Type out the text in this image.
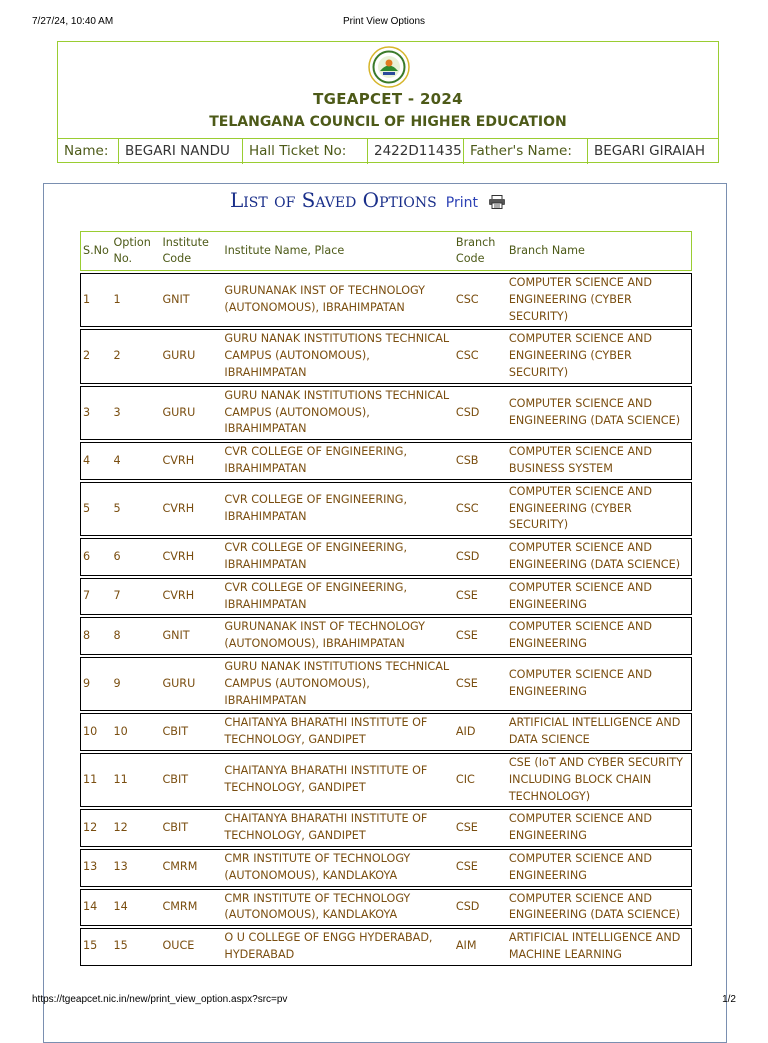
7/27/24, 10:40 AM	Print View Options
TGEAPCET - 2024
TELANGANA COUNCIL OF HIGHER EDUCATION
Name:	BEGARI NANDU	Hall Ticket No:	2422D11435 Father's Name:	BEGARI GIRAIAH
List of Saved Options Print
S.No	Option No.	Institute Code	Institute Name, Place	Branch Code	Branch Name

1	1	GNIT	GURUNANAK INST OF TECHNOLOGY (AUTONOMOUS), IBRAHIMPATAN	CSC	COMPUTER SCIENCE AND ENGINEERING (CYBER SECURITY)

2	2	GURU	GURU NANAK INSTITUTIONS TECHNICAL CAMPUS (AUTONOMOUS), IBRAHIMPATAN	CSC	COMPUTER SCIENCE AND ENGINEERING (CYBER SECURITY)

3	3	GURU	GURU NANAK INSTITUTIONS TECHNICAL CAMPUS (AUTONOMOUS), IBRAHIMPATAN	CSD	COMPUTER SCIENCE AND ENGINEERING (DATA SCIENCE)

4	4	CVRH	CVR COLLEGE OF ENGINEERING, IBRAHIMPATAN	CSB	COMPUTER SCIENCE AND BUSINESS SYSTEM

5	5	CVRH	CVR COLLEGE OF ENGINEERING, IBRAHIMPATAN	CSC	COMPUTER SCIENCE AND ENGINEERING (CYBER SECURITY)

6	6	CVRH	CVR COLLEGE OF ENGINEERING, IBRAHIMPATAN	CSD	COMPUTER SCIENCE AND ENGINEERING (DATA SCIENCE)

7	7	CVRH	CVR COLLEGE OF ENGINEERING, IBRAHIMPATAN	CSE	COMPUTER SCIENCE AND ENGINEERING

8	8	GNIT	GURUNANAK INST OF TECHNOLOGY (AUTONOMOUS), IBRAHIMPATAN	CSE	COMPUTER SCIENCE AND ENGINEERING

9	9	GURU	GURU NANAK INSTITUTIONS TECHNICAL CAMPUS (AUTONOMOUS), IBRAHIMPATAN	CSE	COMPUTER SCIENCE AND ENGINEERING

10	10	CBIT	CHAITANYA BHARATHI INSTITUTE OF TECHNOLOGY, GANDIPET	AID	ARTIFICIAL INTELLIGENCE AND DATA SCIENCE

11	11	CBIT	CHAITANYA BHARATHI INSTITUTE OF TECHNOLOGY, GANDIPET	CIC	CSE (IoT AND CYBER SECURITY INCLUDING BLOCK CHAIN TECHNOLOGY)

12	12	CBIT	CHAITANYA BHARATHI INSTITUTE OF TECHNOLOGY, GANDIPET	CSE	COMPUTER SCIENCE AND ENGINEERING

13	13	CMRM	CMR INSTITUTE OF TECHNOLOGY (AUTONOMOUS), KANDLAKOYA	CSE	COMPUTER SCIENCE AND ENGINEERING

14	14	CMRM	CMR INSTITUTE OF TECHNOLOGY (AUTONOMOUS), KANDLAKOYA	CSD	COMPUTER SCIENCE AND ENGINEERING (DATA SCIENCE)

15	15	OUCE	O U COLLEGE OF ENGG HYDERABAD, HYDERABAD	AIM	ARTIFICIAL INTELLIGENCE AND MACHINE LEARNING
https://tgeapcet.nic.in/new/print_view_option.aspx?src=pv	1/2
